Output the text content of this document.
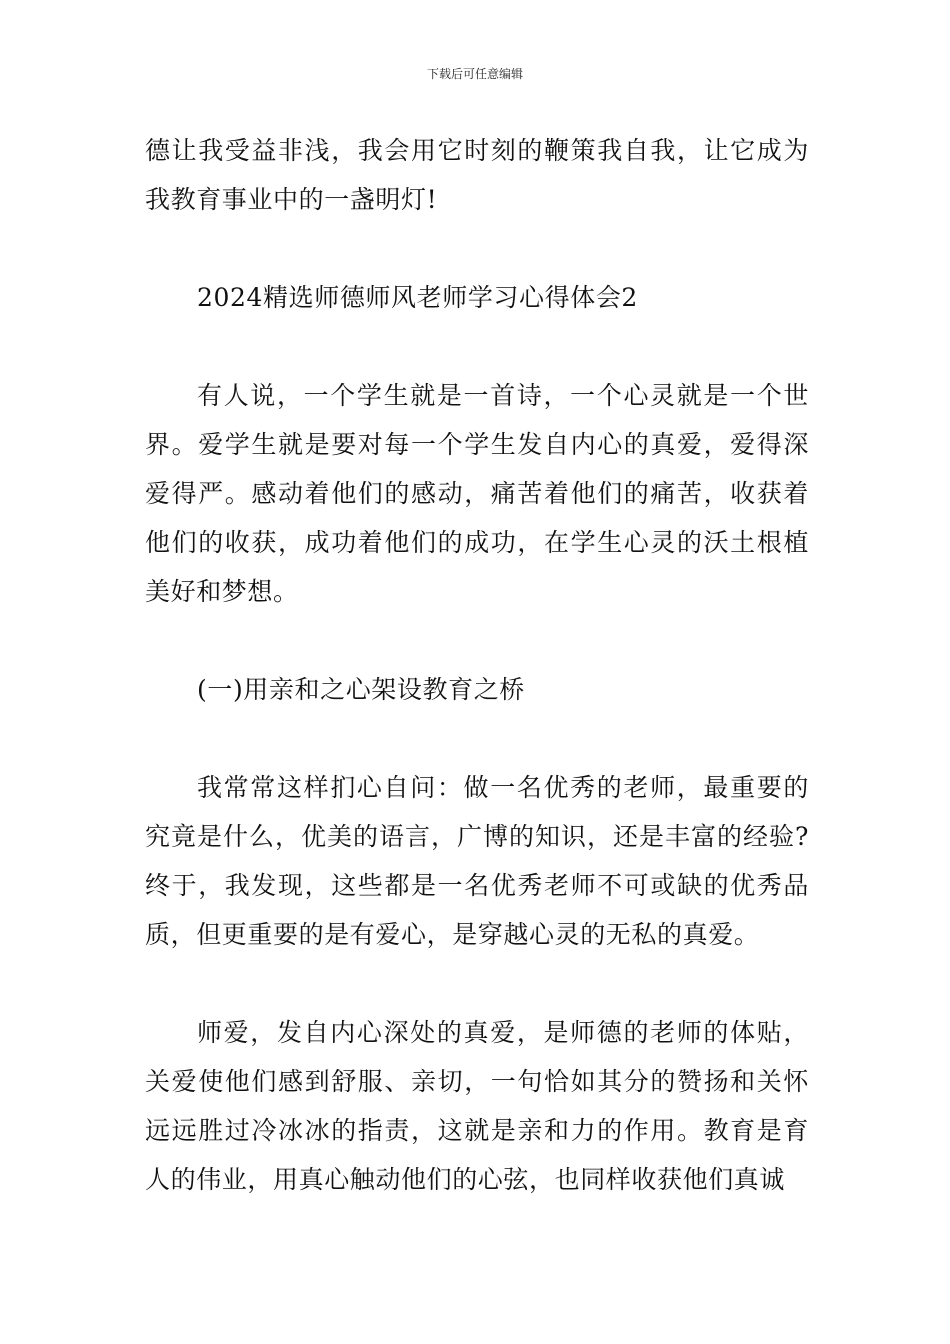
下载后可任意编辑

德让我受益非浅，我会用它时刻的鞭策我自我，让它成为我教育事业中的一盏明灯!

2024精选师德师风老师学习心得体会2

有人说，一个学生就是一首诗，一个心灵就是一个世界。爱学生就是要对每一个学生发自内心的真爱，爱得深爱得严。感动着他们的感动，痛苦着他们的痛苦，收获着他们的收获，成功着他们的成功，在学生心灵的沃土根植美好和梦想。

(一)用亲和之心架设教育之桥

我常常这样扪心自问：做一名优秀的老师，最重要的究竟是什么，优美的语言，广博的知识，还是丰富的经验?终于，我发现，这些都是一名优秀老师不可或缺的优秀品质，但更重要的是有爱心，是穿越心灵的无私的真爱。

师爱，发自内心深处的真爱，是师德的老师的体贴，关爱使他们感到舒服、亲切，一句恰如其分的赞扬和关怀远远胜过冷冰冰的指责，这就是亲和力的作用。教育是育人的伟业，用真心触动他们的心弦，也同样收获他们真诚
